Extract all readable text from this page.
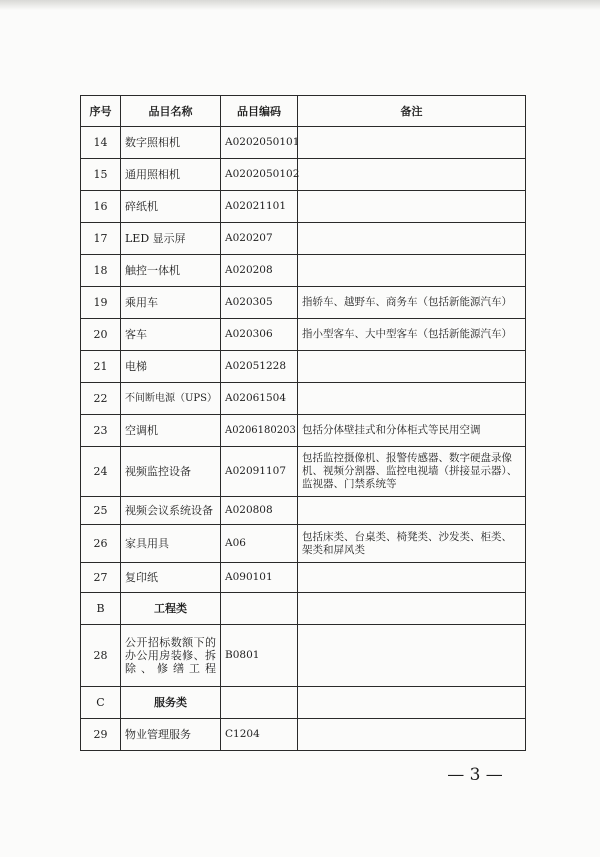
序号	品目名称	品目编码	备注
14	数字照相机	A0202050101	
15	通用照相机	A0202050102	
16	碎纸机	A02021101	
17	LED 显示屏	A020207	
18	触控一体机	A020208	
19	乘用车	A020305	指轿车、越野车、商务车（包括新能源汽车）
20	客车	A020306	指小型客车、大中型客车（包括新能源汽车）
21	电梯	A02051228	
22	不间断电源（UPS）	A02061504	
23	空调机	A0206180203	包括分体壁挂式和分体柜式等民用空调
24	视频监控设备	A02091107	包括监控摄像机、报警传感器、数字硬盘录像机、视频分割器、监控电视墙（拼接显示器）、监视器、门禁系统等
25	视频会议系统设备	A020808	
26	家具用具	A06	包括床类、台桌类、椅凳类、沙发类、柜类、架类和屏风类
27	复印纸	A090101	
B	工程类		
28	公开招标数额下的办公用房装修、拆除、修缮工程	B0801	
C	服务类		
29	物业管理服务	C1204	
— 3 —
